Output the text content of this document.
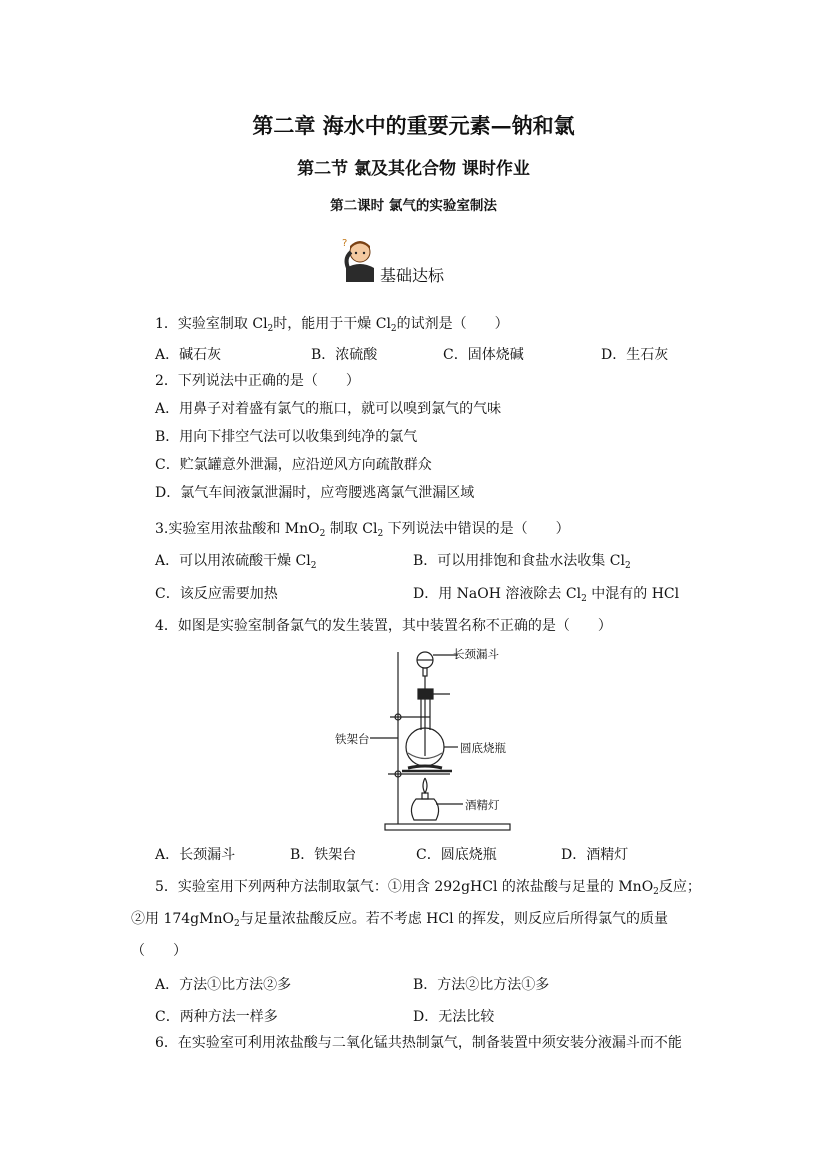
第二章 海水中的重要元素—钠和氯
第二节 氯及其化合物 课时作业
第二课时 氯气的实验室制法
?
基础达标
1．实验室制取 $Cl_2$时，能用于干燥 $Cl_2$的试剂是（　　）
A．碱石灰	B．浓硫酸	C．固体烧碱	D．生石灰
2．下列说法中正确的是（　　）
A．用鼻子对着盛有氯气的瓶口，就可以嗅到氯气的气味
B．用向下排空气法可以收集到纯净的氯气
C．贮氯罐意外泄漏，应沿逆风方向疏散群众
D．氯气车间液氯泄漏时，应弯腰逃离氯气泄漏区域
3.实验室用浓盐酸和 MnO$_2$ 制取 $Cl_2$ 下列说法中错误的是（　　）
A．可以用浓硫酸干燥 $Cl_2$	B．可以用排饱和食盐水法收集 $Cl_2$
C．该反应需要加热	D．用 NaOH 溶液除去 $Cl_2$ 中混有的 HCl
4．如图是实验室制备氯气的发生装置，其中装置名称不正确的是（　　）
长颈漏斗
铁架台
圆底烧瓶
酒精灯
A．长颈漏斗	B．铁架台	C．圆底烧瓶	D．酒精灯
5．实验室用下列两种方法制取氯气：①用含 292gHCl 的浓盐酸与足量的 MnO$_2$反应；
②用 174gMnO$_2$与足量浓盐酸反应。若不考虑 HCl 的挥发，则反应后所得氯气的质量
（　　）
A．方法①比方法②多	B．方法②比方法①多
C．两种方法一样多	D．无法比较
6．在实验室可利用浓盐酸与二氧化锰共热制氯气，制备装置中须安装分液漏斗而不能
